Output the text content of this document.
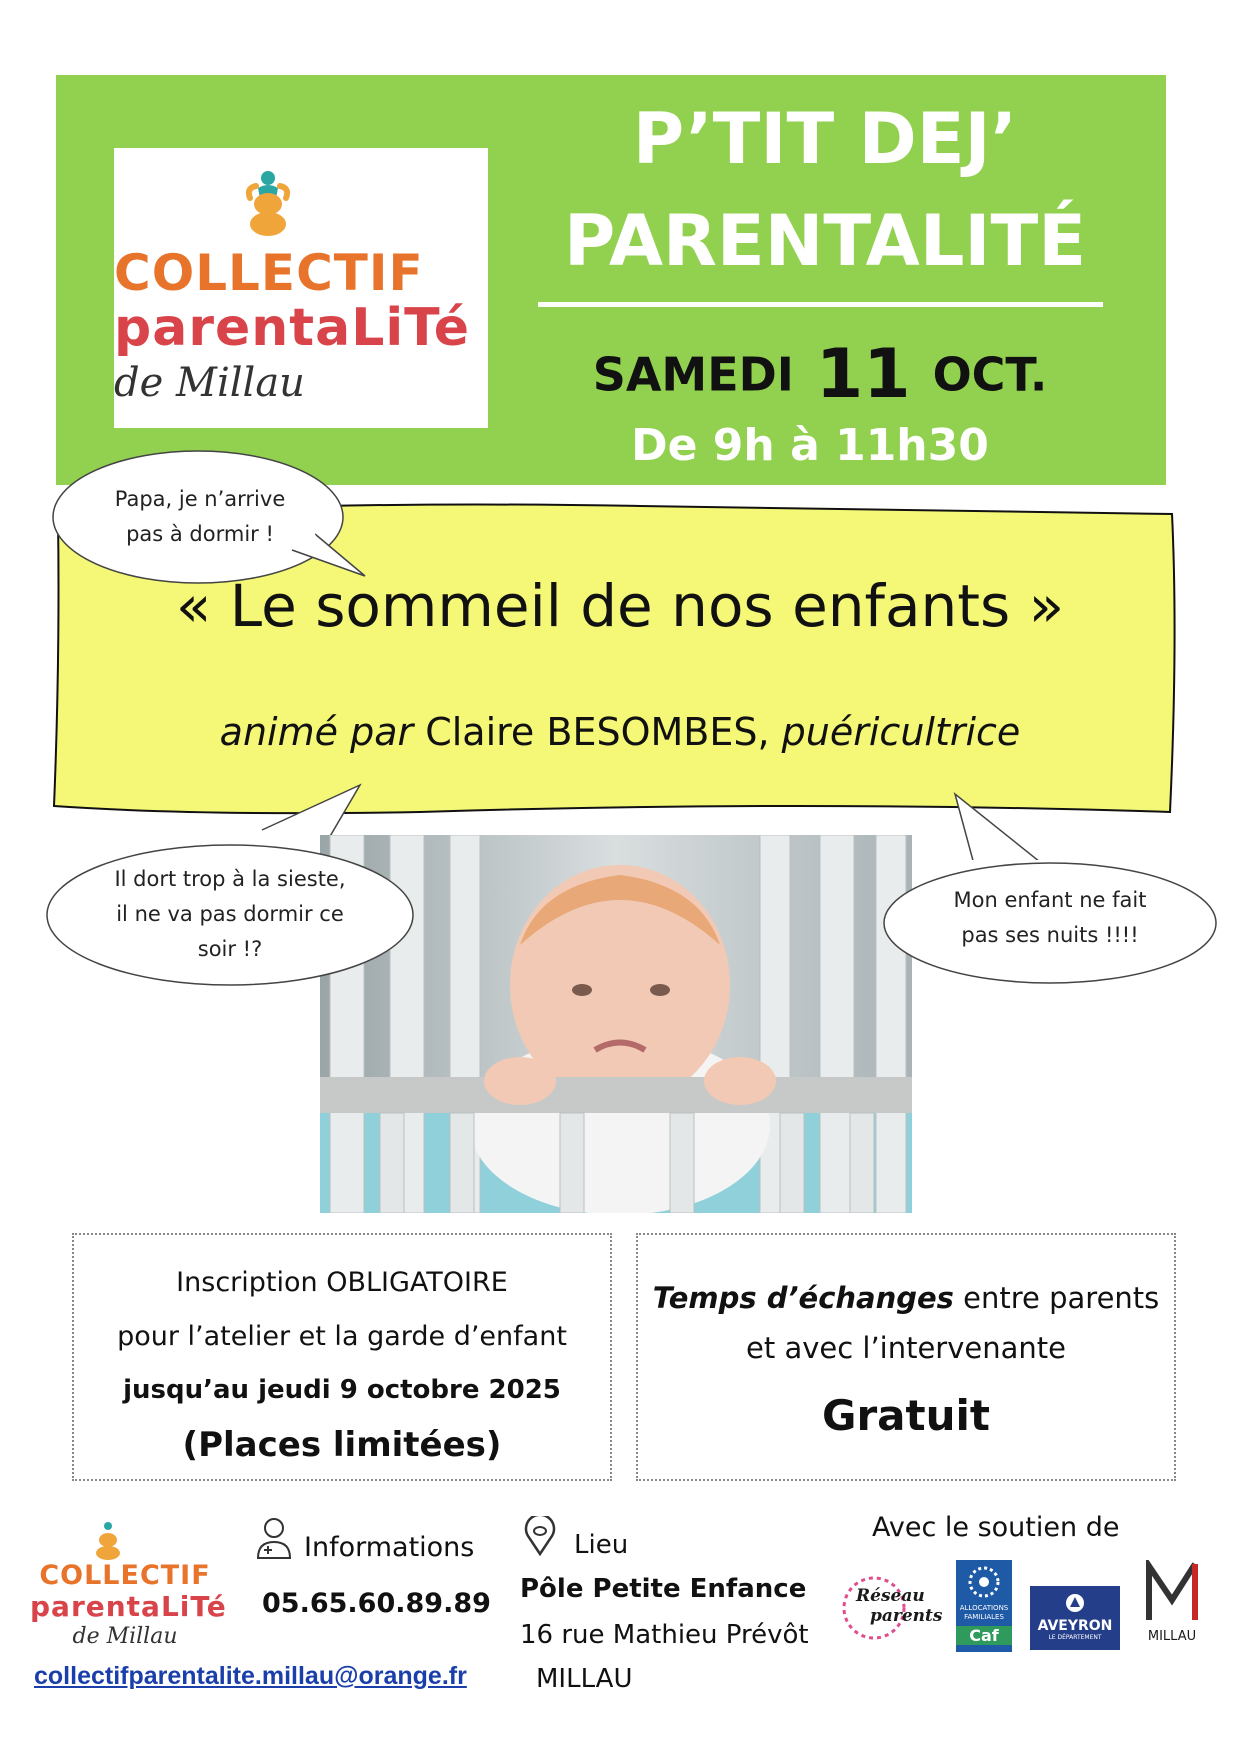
COLLECTIF
parentaLiTé
de Millau
P’TIT DEJ’
PARENTALITÉ
SAMEDI 11 OCT.
De 9h à 11h30
« Le sommeil de nos enfants »
animé par Claire BESOMBES, puéricultrice
Papa, je n’arrive
pas à dormir !
Il dort trop à la sieste,
il ne va pas dormir ce
soir !?
Mon enfant ne fait
pas ses nuits !!!!
Inscription OBLIGATOIRE
pour l’atelier et la garde d’enfant
jusqu’au jeudi 9 octobre 2025
(Places limitées)
Temps d’échanges entre parents
et avec l’intervenante
Gratuit
COLLECTIF
parentaLiTé
de Millau
Informations
05.65.60.89.89
Lieu
Pôle Petite Enfance
16 rue Mathieu Prévôt
MILLAU
Avec le soutien de
Réseau
parents	ALLOCATIONS
FAMILIALES
Caf	AVEYRON
LE DÉPARTEMENT	MILLAU
collectifparentalite.millau@orange.fr
